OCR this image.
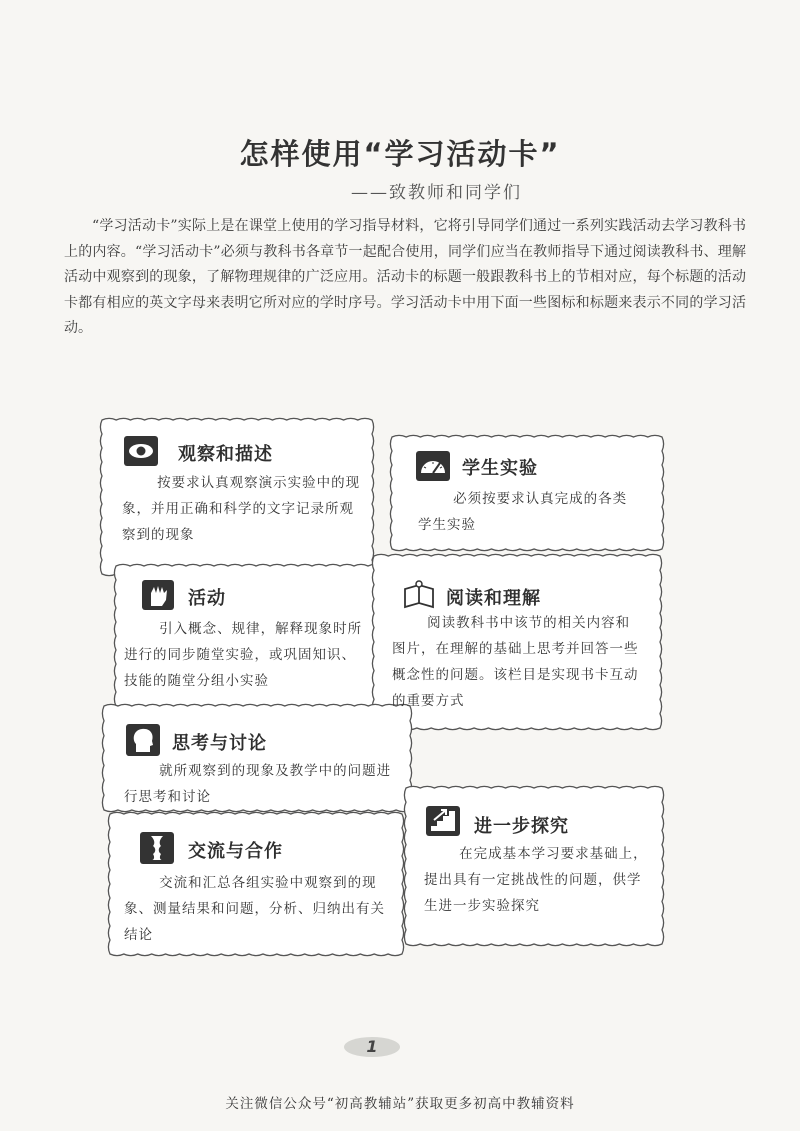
怎样使用“学习活动卡”
——致教师和同学们
“学习活动卡”实际上是在课堂上使用的学习指导材料，它将引导同学们通过一系列实践活动去学习教科书上的内容。“学习活动卡”必须与教科书各章节一起配合使用，同学们应当在教师指导下通过阅读教科书、理解活动中观察到的现象，了解物理规律的广泛应用。活动卡的标题一般跟教科书上的节相对应，每个标题的活动卡都有相应的英文字母来表明它所对应的学时序号。学习活动卡中用下面一些图标和标题来表示不同的学习活动。
观察和描述
按要求认真观察演示实验中的现象，并用正确和科学的文字记录所观察到的现象
学生实验
必须按要求认真完成的各类学生实验
活动
引入概念、规律，解释现象时所进行的同步随堂实验，或巩固知识、技能的随堂分组小实验
阅读和理解
阅读教科书中该节的相关内容和图片，在理解的基础上思考并回答一些概念性的问题。该栏目是实现书卡互动的重要方式
思考与讨论
就所观察到的现象及教学中的问题进行思考和讨论
进一步探究
在完成基本学习要求基础上，提出具有一定挑战性的问题，供学生进一步实验探究
交流与合作
交流和汇总各组实验中观察到的现象、测量结果和问题，分析、归纳出有关结论
1
关注微信公众号“初高教辅站”获取更多初高中教辅资料
